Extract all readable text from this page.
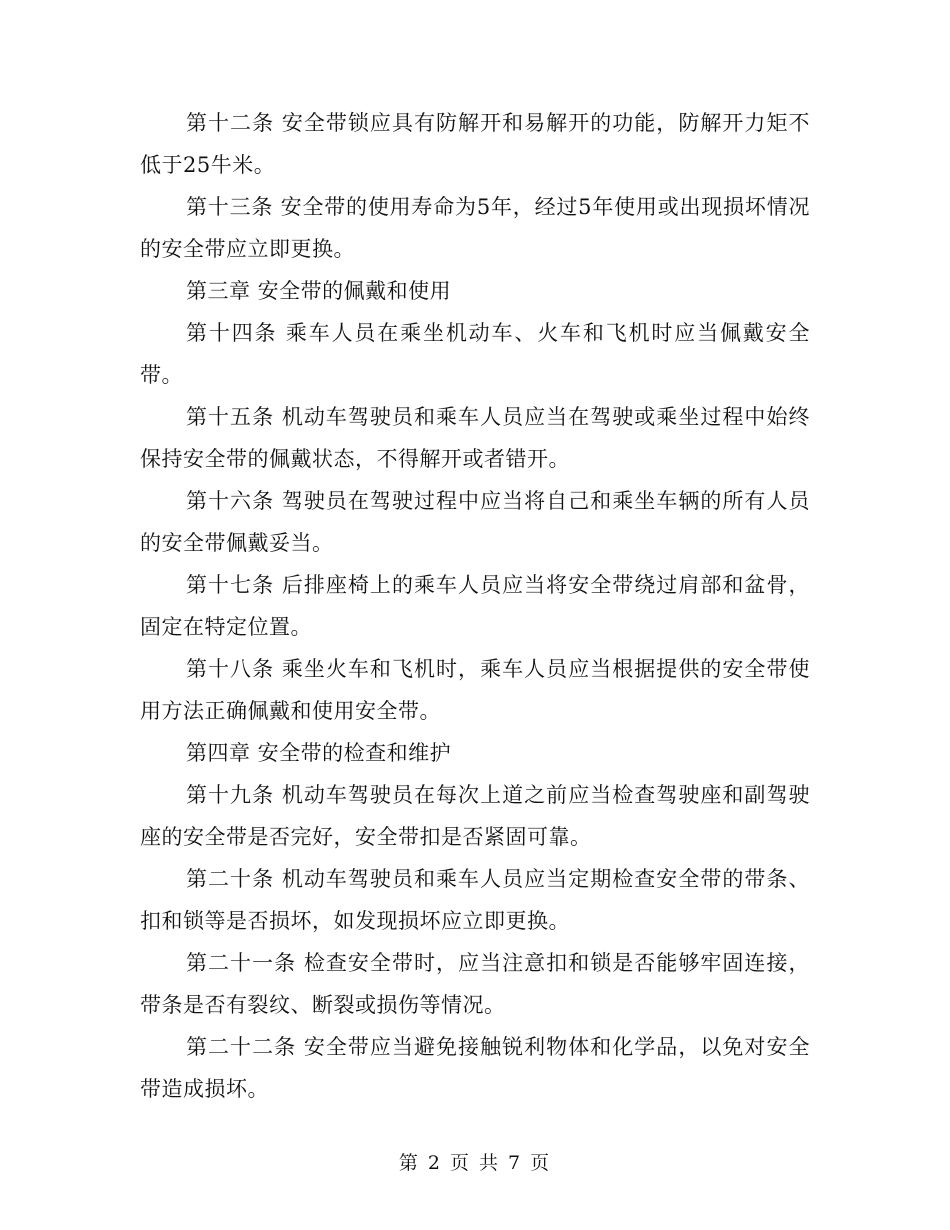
第十二条 安全带锁应具有防解开和易解开的功能，防解开力矩不低于25牛米。

第十三条 安全带的使用寿命为5年，经过5年使用或出现损坏情况的安全带应立即更换。

第三章 安全带的佩戴和使用

第十四条 乘车人员在乘坐机动车、火车和飞机时应当佩戴安全带。

第十五条 机动车驾驶员和乘车人员应当在驾驶或乘坐过程中始终保持安全带的佩戴状态，不得解开或者错开。

第十六条 驾驶员在驾驶过程中应当将自己和乘坐车辆的所有人员的安全带佩戴妥当。

第十七条 后排座椅上的乘车人员应当将安全带绕过肩部和盆骨，固定在特定位置。

第十八条 乘坐火车和飞机时，乘车人员应当根据提供的安全带使用方法正确佩戴和使用安全带。

第四章 安全带的检查和维护

第十九条 机动车驾驶员在每次上道之前应当检查驾驶座和副驾驶座的安全带是否完好，安全带扣是否紧固可靠。

第二十条 机动车驾驶员和乘车人员应当定期检查安全带的带条、扣和锁等是否损坏，如发现损坏应立即更换。

第二十一条 检查安全带时，应当注意扣和锁是否能够牢固连接，带条是否有裂纹、断裂或损伤等情况。

第二十二条 安全带应当避免接触锐利物体和化学品，以免对安全带造成损坏。

第 2 页 共 7 页
